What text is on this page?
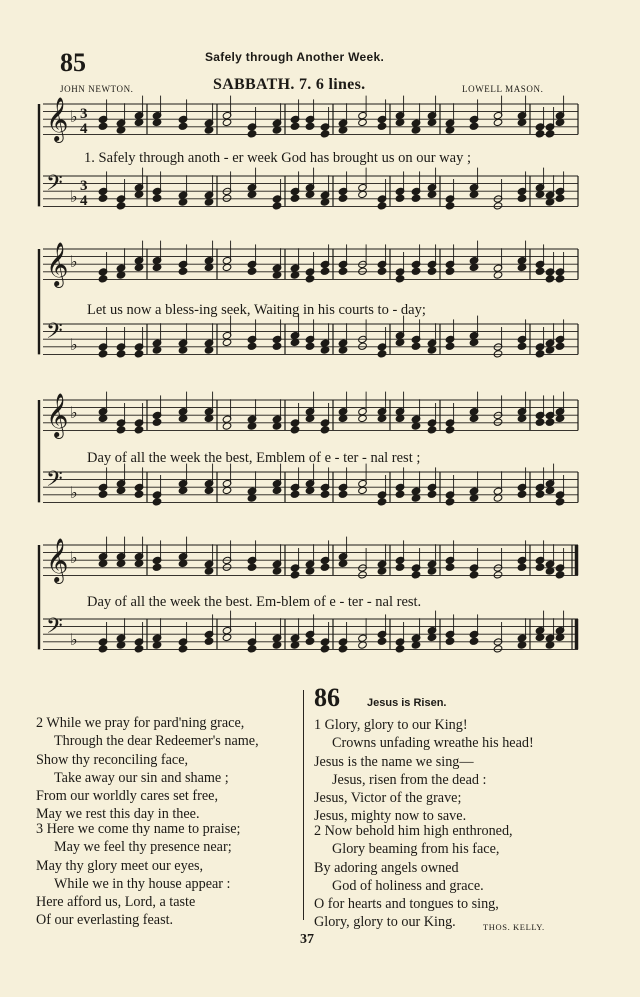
85	Safely through Another Week.
JOHN NEWTON.	SABBATH. 7. 6 lines.	LOWELL MASON.
𝄞 ♭ 3
4
𝄢 ♭
3
4
𝄞 ♭
𝄢 ♭
𝄞 ♭
𝄢 ♭
𝄞 ♭
𝄢 ♭
1. Safely through anoth - er week God has brought us on our way ;
Let us now a bless-ing seek, Waiting in his courts to - day;
Day of all the week the best, Emblem of e - ter - nal rest ;
Day of all the week the best. Em-blem of e - ter - nal rest.
2 While we pray for pard'ning grace,
Through the dear Redeemer's name,
Show thy reconciling face,
Take away our sin and shame ;
From our worldly cares set free,
May we rest this day in thee.
3 Here we come thy name to praise;
May we feel thy presence near;
May thy glory meet our eyes,
While we in thy house appear :
Here afford us, Lord, a taste
Of our everlasting feast.
86 Jesus is Risen.
1 Glory, glory to our King!
Crowns unfading wreathe his head!
Jesus is the name we sing—
Jesus, risen from the dead :
Jesus, Victor of the grave;
Jesus, mighty now to save.
2 Now behold him high enthroned,
Glory beaming from his face,
By adoring angels owned
God of holiness and grace.
O for hearts and tongues to sing,
Glory, glory to our King.	THOS. KELLY.
37
